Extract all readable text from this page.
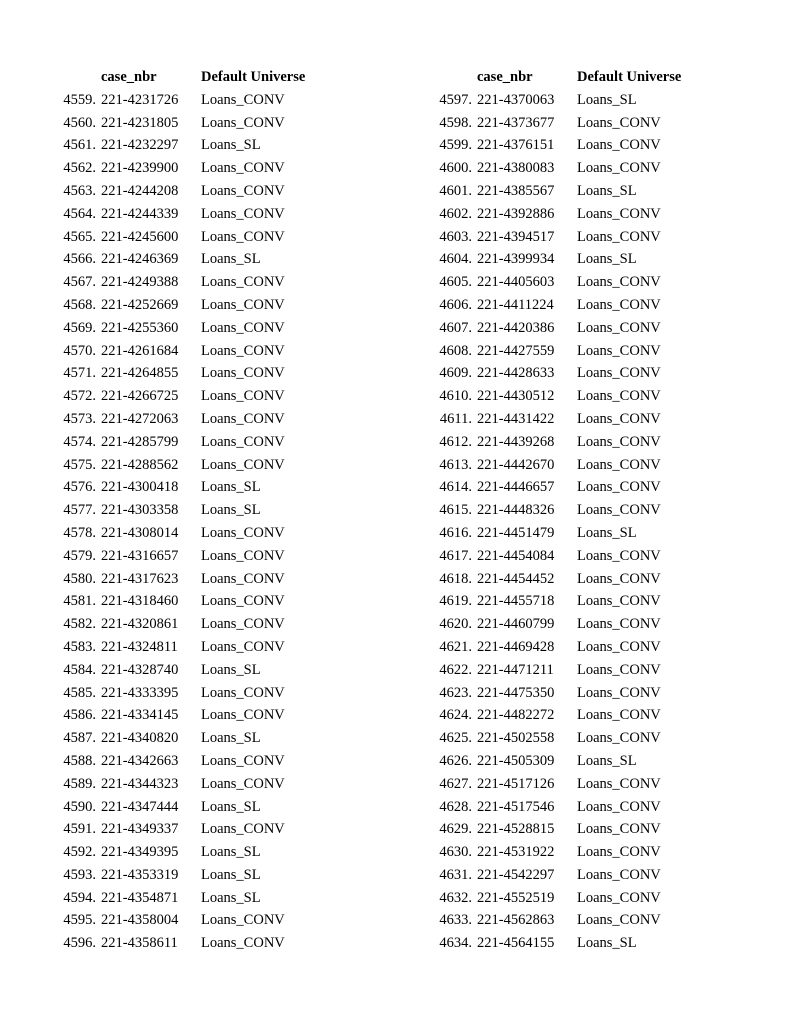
case_nbr	Default Universe
4559. 221-4231726 Loans_CONV
4560. 221-4231805 Loans_CONV
4561. 221-4232297 Loans_SL
4562. 221-4239900 Loans_CONV
4563. 221-4244208 Loans_CONV
4564. 221-4244339 Loans_CONV
4565. 221-4245600 Loans_CONV
4566. 221-4246369 Loans_SL
4567. 221-4249388 Loans_CONV
4568. 221-4252669 Loans_CONV
4569. 221-4255360 Loans_CONV
4570. 221-4261684 Loans_CONV
4571. 221-4264855 Loans_CONV
4572. 221-4266725 Loans_CONV
4573. 221-4272063 Loans_CONV
4574. 221-4285799 Loans_CONV
4575. 221-4288562 Loans_CONV
4576. 221-4300418 Loans_SL
4577. 221-4303358 Loans_SL
4578. 221-4308014 Loans_CONV
4579. 221-4316657 Loans_CONV
4580. 221-4317623 Loans_CONV
4581. 221-4318460 Loans_CONV
4582. 221-4320861 Loans_CONV
4583. 221-4324811 Loans_CONV
4584. 221-4328740 Loans_SL
4585. 221-4333395 Loans_CONV
4586. 221-4334145 Loans_CONV
4587. 221-4340820 Loans_SL
4588. 221-4342663 Loans_CONV
4589. 221-4344323 Loans_CONV
4590. 221-4347444 Loans_SL
4591. 221-4349337 Loans_CONV
4592. 221-4349395 Loans_SL
4593. 221-4353319 Loans_SL
4594. 221-4354871 Loans_SL
4595. 221-4358004 Loans_CONV
4596. 221-4358611 Loans_CONV
case_nbr	Default Universe
4597. 221-4370063 Loans_SL
4598. 221-4373677 Loans_CONV
4599. 221-4376151 Loans_CONV
4600. 221-4380083 Loans_CONV
4601. 221-4385567 Loans_SL
4602. 221-4392886 Loans_CONV
4603. 221-4394517 Loans_CONV
4604. 221-4399934 Loans_SL
4605. 221-4405603 Loans_CONV
4606. 221-4411224 Loans_CONV
4607. 221-4420386 Loans_CONV
4608. 221-4427559 Loans_CONV
4609. 221-4428633 Loans_CONV
4610. 221-4430512 Loans_CONV
4611. 221-4431422 Loans_CONV
4612. 221-4439268 Loans_CONV
4613. 221-4442670 Loans_CONV
4614. 221-4446657 Loans_CONV
4615. 221-4448326 Loans_CONV
4616. 221-4451479 Loans_SL
4617. 221-4454084 Loans_CONV
4618. 221-4454452 Loans_CONV
4619. 221-4455718 Loans_CONV
4620. 221-4460799 Loans_CONV
4621. 221-4469428 Loans_CONV
4622. 221-4471211 Loans_CONV
4623. 221-4475350 Loans_CONV
4624. 221-4482272 Loans_CONV
4625. 221-4502558 Loans_CONV
4626. 221-4505309 Loans_SL
4627. 221-4517126 Loans_CONV
4628. 221-4517546 Loans_CONV
4629. 221-4528815 Loans_CONV
4630. 221-4531922 Loans_CONV
4631. 221-4542297 Loans_CONV
4632. 221-4552519 Loans_CONV
4633. 221-4562863 Loans_CONV
4634. 221-4564155 Loans_SL
